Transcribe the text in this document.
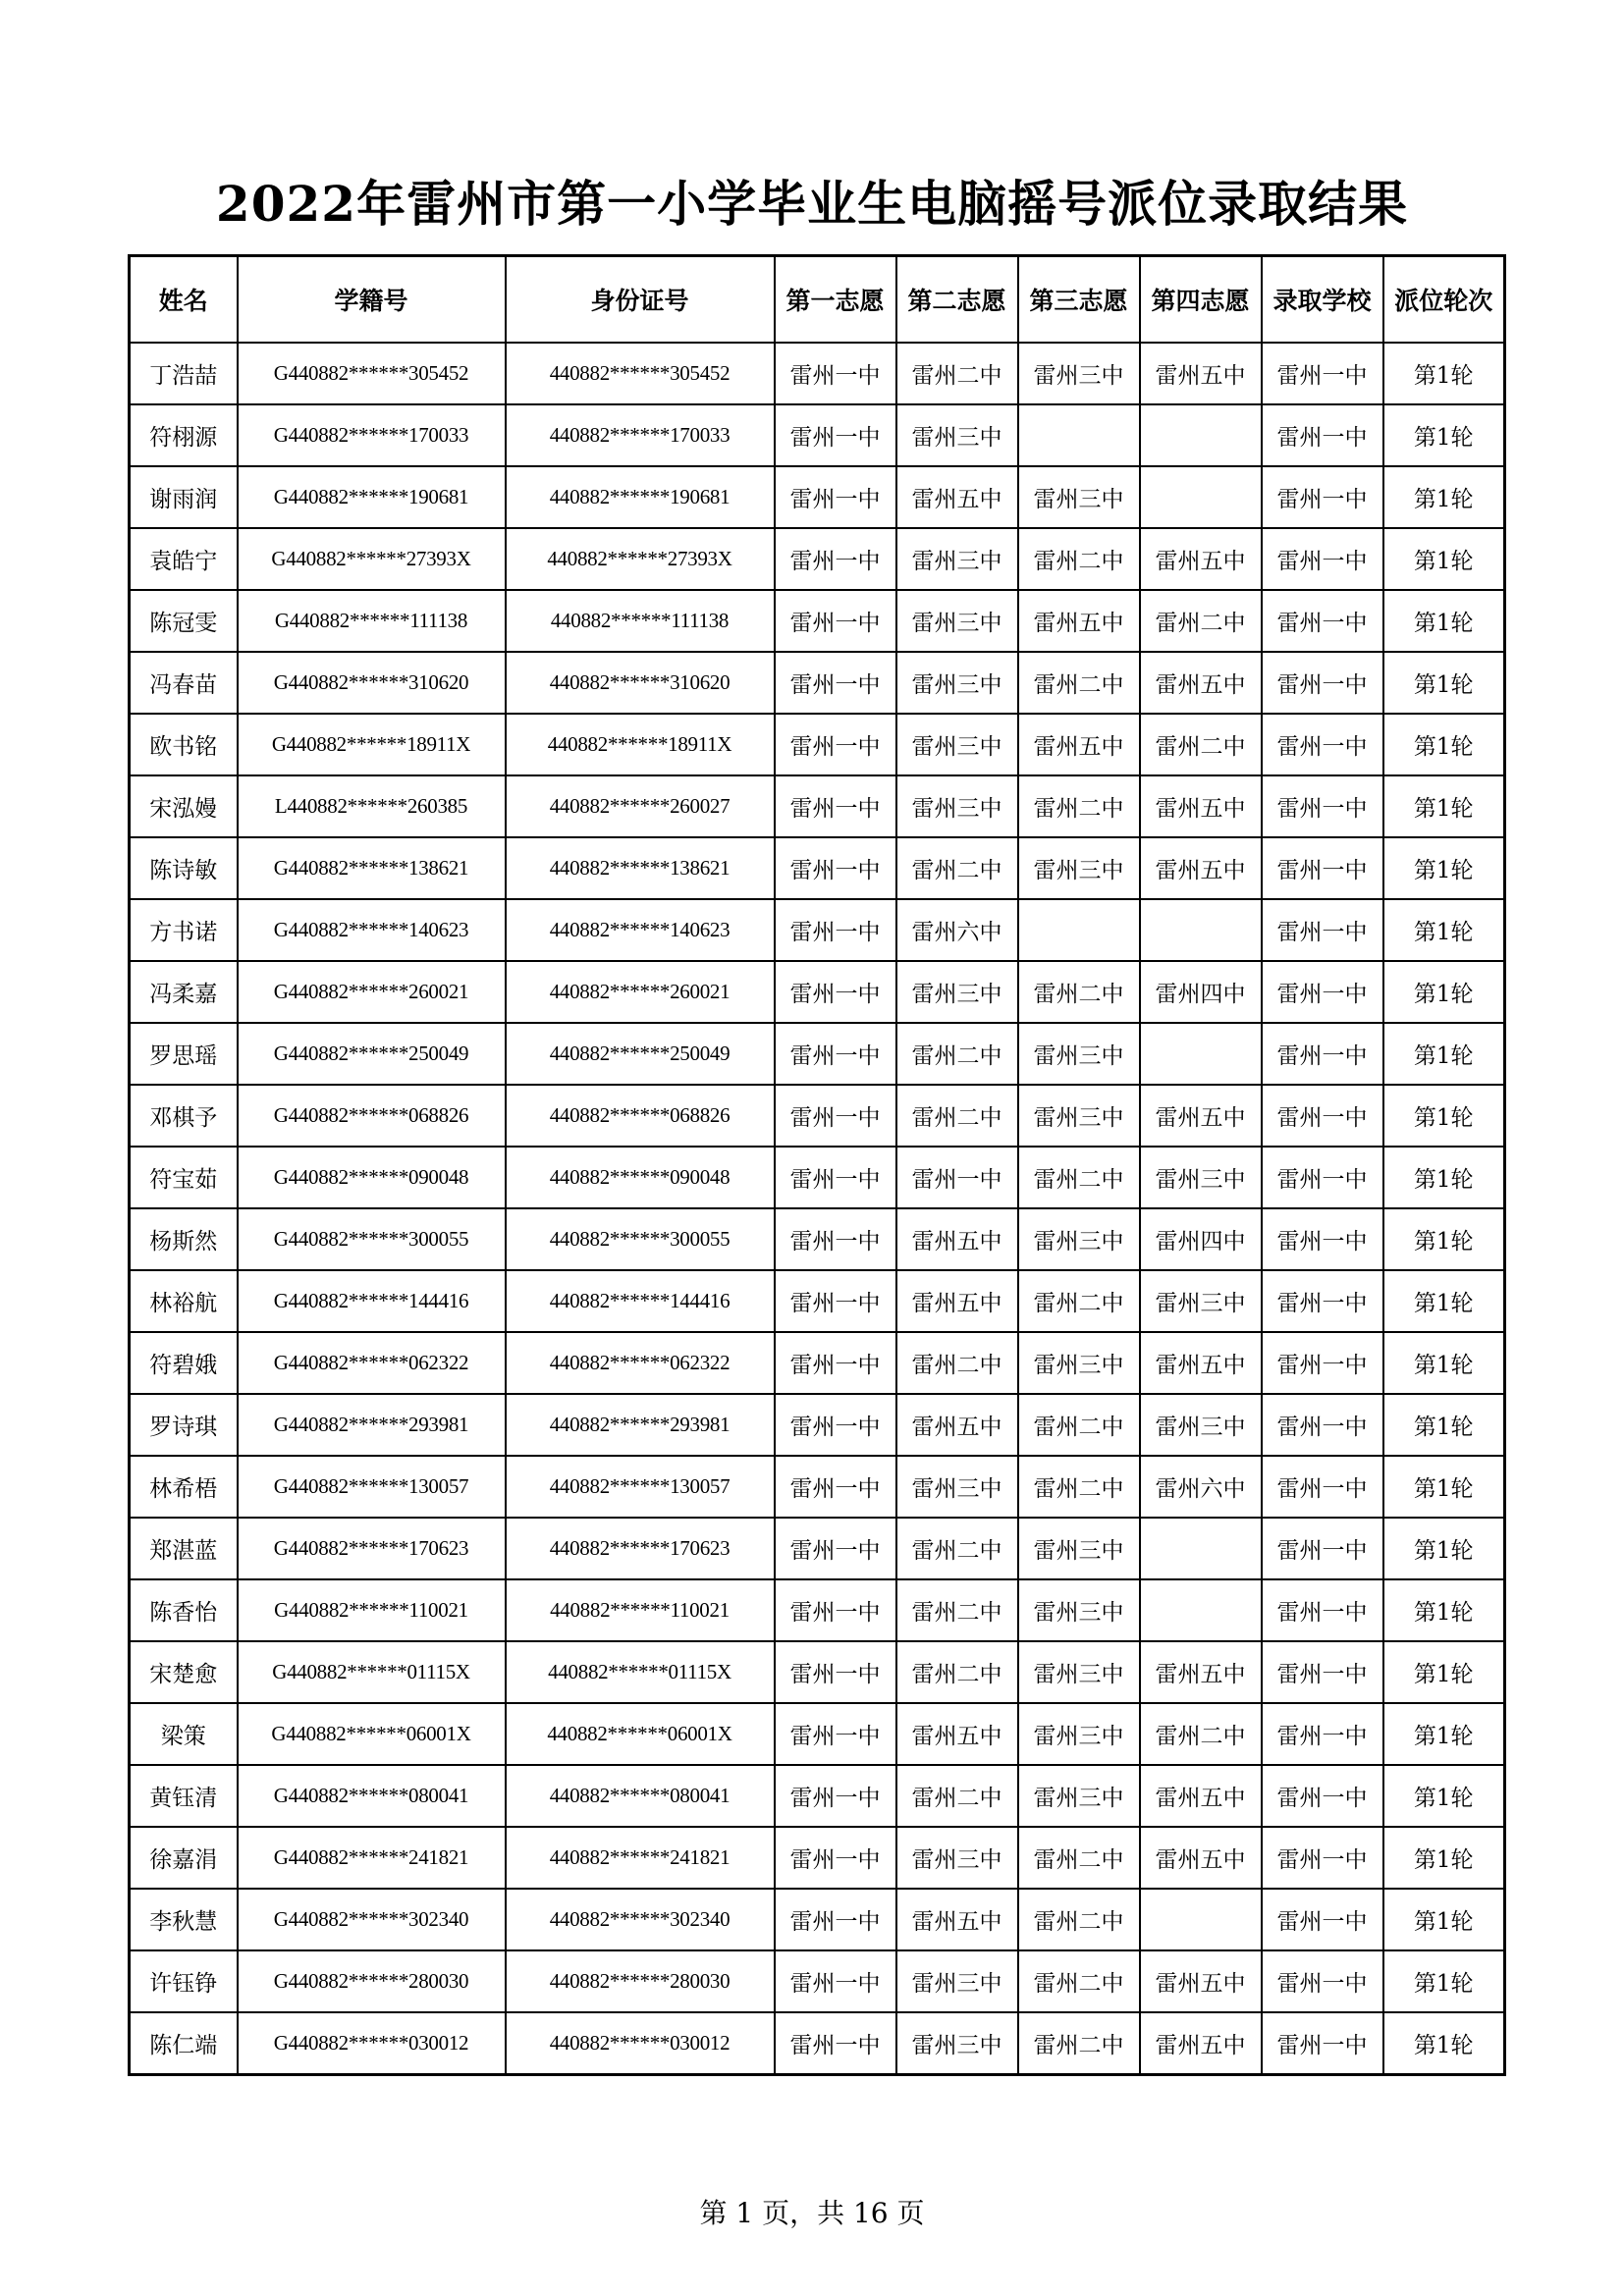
2022年雷州市第一小学毕业生电脑摇号派位录取结果
姓名	学籍号	身份证号	第一志愿	第二志愿	第三志愿	第四志愿	录取学校	派位轮次
丁浩喆	G440882******305452	440882******305452	雷州一中	雷州二中	雷州三中	雷州五中	雷州一中	第1轮
符栩源	G440882******170033	440882******170033	雷州一中	雷州三中			雷州一中	第1轮
谢雨润	G440882******190681	440882******190681	雷州一中	雷州五中	雷州三中		雷州一中	第1轮
袁皓宁	G440882******27393X	440882******27393X	雷州一中	雷州三中	雷州二中	雷州五中	雷州一中	第1轮
陈冠雯	G440882******111138	440882******111138	雷州一中	雷州三中	雷州五中	雷州二中	雷州一中	第1轮
冯春苗	G440882******310620	440882******310620	雷州一中	雷州三中	雷州二中	雷州五中	雷州一中	第1轮
欧书铭	G440882******18911X	440882******18911X	雷州一中	雷州三中	雷州五中	雷州二中	雷州一中	第1轮
宋泓嫚	L440882******260385	440882******260027	雷州一中	雷州三中	雷州二中	雷州五中	雷州一中	第1轮
陈诗敏	G440882******138621	440882******138621	雷州一中	雷州二中	雷州三中	雷州五中	雷州一中	第1轮
方书诺	G440882******140623	440882******140623	雷州一中	雷州六中			雷州一中	第1轮
冯柔嘉	G440882******260021	440882******260021	雷州一中	雷州三中	雷州二中	雷州四中	雷州一中	第1轮
罗思瑶	G440882******250049	440882******250049	雷州一中	雷州二中	雷州三中		雷州一中	第1轮
邓棋予	G440882******068826	440882******068826	雷州一中	雷州二中	雷州三中	雷州五中	雷州一中	第1轮
符宝茹	G440882******090048	440882******090048	雷州一中	雷州一中	雷州二中	雷州三中	雷州一中	第1轮
杨斯然	G440882******300055	440882******300055	雷州一中	雷州五中	雷州三中	雷州四中	雷州一中	第1轮
林裕航	G440882******144416	440882******144416	雷州一中	雷州五中	雷州二中	雷州三中	雷州一中	第1轮
符碧娥	G440882******062322	440882******062322	雷州一中	雷州二中	雷州三中	雷州五中	雷州一中	第1轮
罗诗琪	G440882******293981	440882******293981	雷州一中	雷州五中	雷州二中	雷州三中	雷州一中	第1轮
林希梧	G440882******130057	440882******130057	雷州一中	雷州三中	雷州二中	雷州六中	雷州一中	第1轮
郑湛蓝	G440882******170623	440882******170623	雷州一中	雷州二中	雷州三中		雷州一中	第1轮
陈香怡	G440882******110021	440882******110021	雷州一中	雷州二中	雷州三中		雷州一中	第1轮
宋楚愈	G440882******01115X	440882******01115X	雷州一中	雷州二中	雷州三中	雷州五中	雷州一中	第1轮
梁策	G440882******06001X	440882******06001X	雷州一中	雷州五中	雷州三中	雷州二中	雷州一中	第1轮
黄钰清	G440882******080041	440882******080041	雷州一中	雷州二中	雷州三中	雷州五中	雷州一中	第1轮
徐嘉涓	G440882******241821	440882******241821	雷州一中	雷州三中	雷州二中	雷州五中	雷州一中	第1轮
李秋慧	G440882******302340	440882******302340	雷州一中	雷州五中	雷州二中		雷州一中	第1轮
许钰铮	G440882******280030	440882******280030	雷州一中	雷州三中	雷州二中	雷州五中	雷州一中	第1轮
陈仁端	G440882******030012	440882******030012	雷州一中	雷州三中	雷州二中	雷州五中	雷州一中	第1轮
第 1 页，共 16 页
